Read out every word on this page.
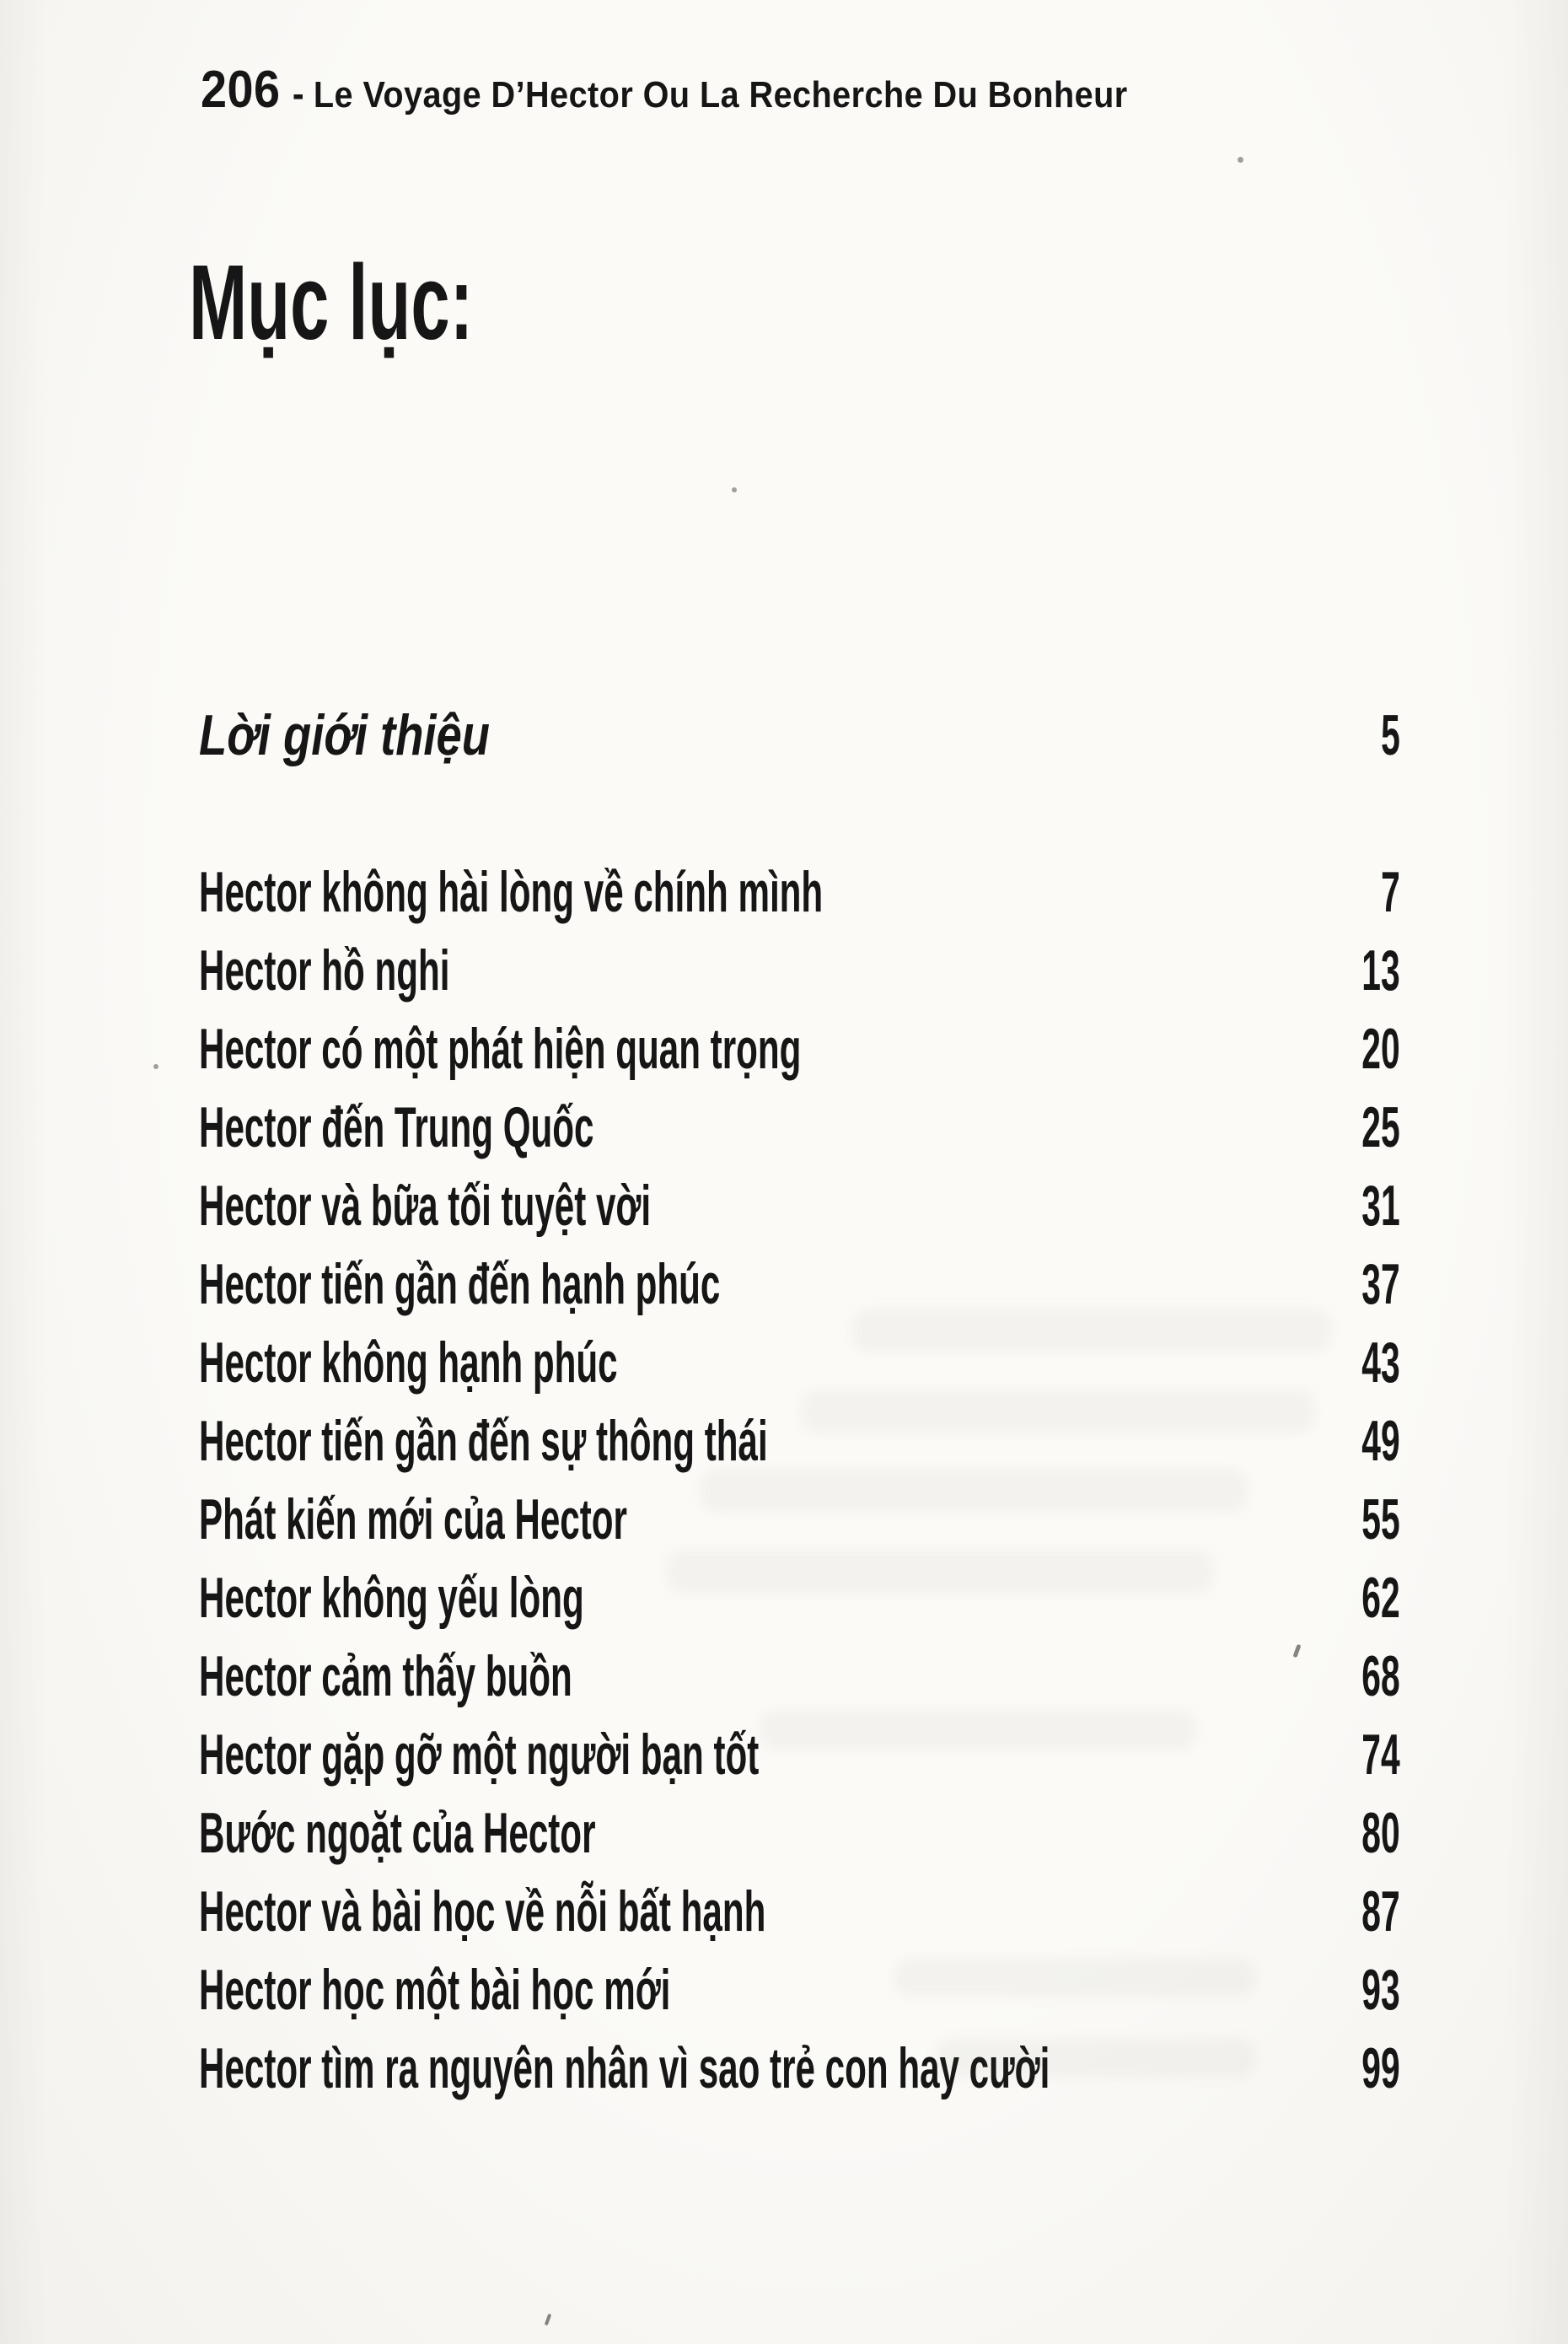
206 - Le Voyage D’Hector Ou La Recherche Du Bonheur
Mục lục:
Lời giới thiệu	5
Hector không hài lòng về chính mình	7
Hector hồ nghi	13
Hector có một phát hiện quan trọng	20
Hector đến Trung Quốc	25
Hector và bữa tối tuyệt vời	31
Hector tiến gần đến hạnh phúc	37
Hector không hạnh phúc	43
Hector tiến gần đến sự thông thái	49
Phát kiến mới của Hector	55
Hector không yếu lòng	62
Hector cảm thấy buồn	68
Hector gặp gỡ một người bạn tốt	74
Bước ngoặt của Hector	80
Hector và bài học về nỗi bất hạnh	87
Hector học một bài học mới	93
Hector tìm ra nguyên nhân vì sao trẻ con hay cười	99
